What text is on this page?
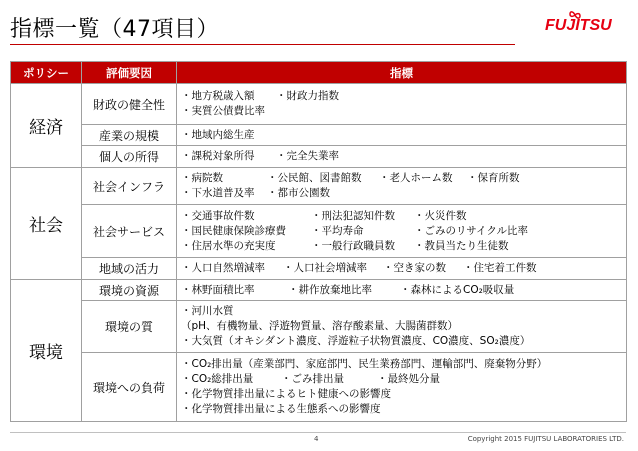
指標一覧（47項目）	FUJITSU
ポリシー	評価要因	指標
経済	財政の健全性	・地方税歳入額 ・財政力指数
・実質公債費比率

	産業の規模	・地域内総生産

	個人の所得	・課税対象所得 ・完全失業率

社会	社会インフラ	・病院数 ・公民館、図書館数 ・老人ホーム数 ・保育所数
・下水道普及率 ・都市公園数

	社会サービス	・交通事故件数 ・刑法犯認知件数 ・火災件数
・国民健康保険診療費 ・平均寿命 ・ごみのリサイクル比率
・住居水準の充実度 ・一般行政職員数 ・教員当たり生徒数

	地域の活力	・人口自然増減率 ・人口社会増減率 ・空き家の数 ・住宅着工件数

環境	環境の資源	・林野面積比率 ・耕作放棄地比率 ・森林によるCO₂吸収量

	環境の質	・河川水質
（pH、有機物量、浮遊物質量、溶存酸素量、大腸菌群数）
・大気質（オキシダント濃度、浮遊粒子状物質濃度、CO濃度、SO₂濃度）

	環境への負荷	・CO₂排出量（産業部門、家庭部門、民生業務部門、運輸部門、廃棄物分野）
・CO₂総排出量 ・ごみ排出量 ・最終処分量
・化学物質排出量によるヒト健康への影響度
・化学物質排出量による生態系への影響度
4	Copyright 2015 FUJITSU LABORATORIES LTD.
